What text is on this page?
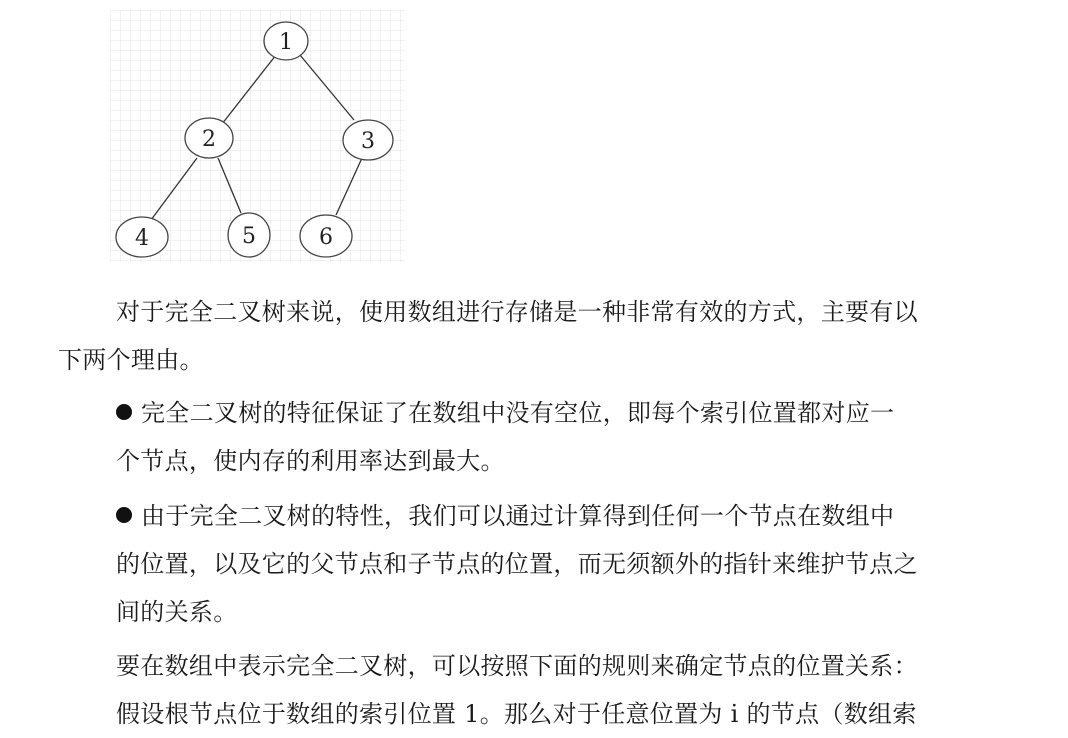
1
2	3
4	5	6

对于完全二叉树来说，使用数组进行存储是一种非常有效的方式，主要有以

下两个理由。

完全二叉树的特征保证了在数组中没有空位，即每个索引位置都对应一

个节点，使内存的利用率达到最大。

由于完全二叉树的特性，我们可以通过计算得到任何一个节点在数组中

的位置，以及它的父节点和子节点的位置，而无须额外的指针来维护节点之

间的关系。

要在数组中表示完全二叉树，可以按照下面的规则来确定节点的位置关系：

假设根节点位于数组的索引位置 1。那么对于任意位置为 i 的节点（数组索
